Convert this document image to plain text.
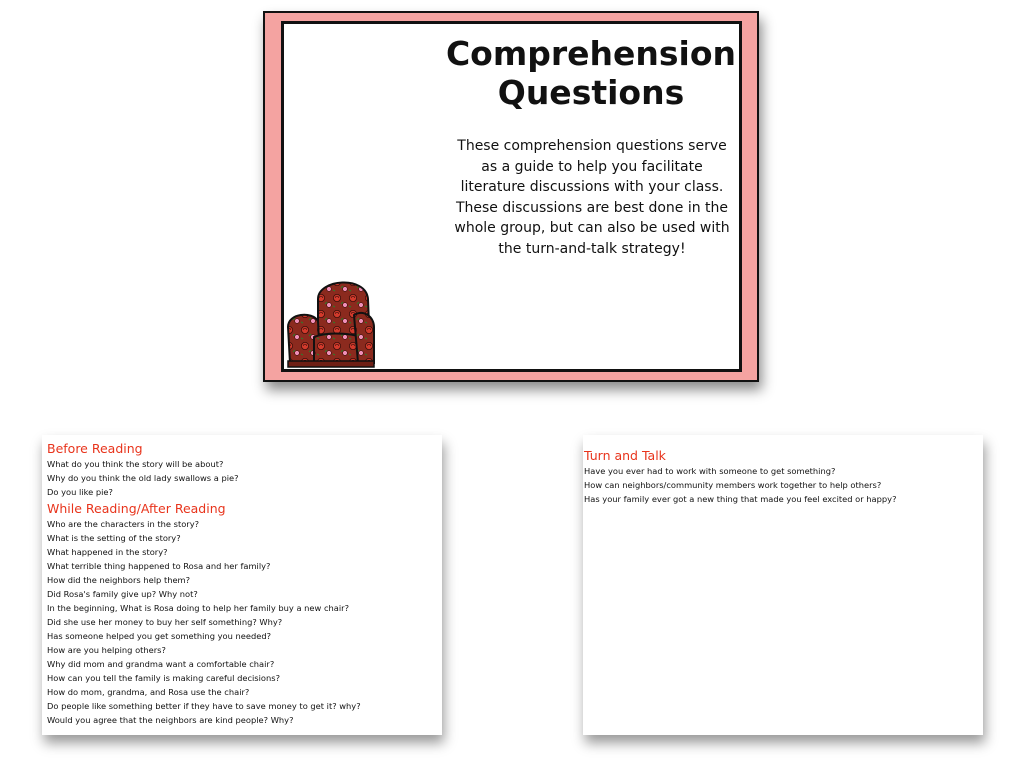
Comprehension
Questions

These comprehension questions serve as a guide to help you facilitate literature discussions with your class. These discussions are best done in the whole group, but can also be used with the turn-and-talk strategy!

Before Reading
What do you think the story will be about?
Why do you think the old lady swallows a pie?
Do you like pie?
While Reading/After Reading
Who are the characters in the story?
What is the setting of the story?
What happened in the story?
What terrible thing happened to Rosa and her family?
How did the neighbors help them?
Did Rosa's family give up? Why not?
In the beginning, What is Rosa doing to help her family buy a new chair?
Did she use her money to buy her self something? Why?
Has someone helped you get something you needed?
How are you helping others?
Why did mom and grandma want a comfortable chair?
How can you tell the family is making careful decisions?
How do mom, grandma, and Rosa use the chair?
Do people like something better if they have to save money to get it? why?
Would you agree that the neighbors are kind people? Why?
Turn and Talk
Have you ever had to work with someone to get something?
How can neighbors/community members work together to help others?
Has your family ever got a new thing that made you feel excited or happy?
